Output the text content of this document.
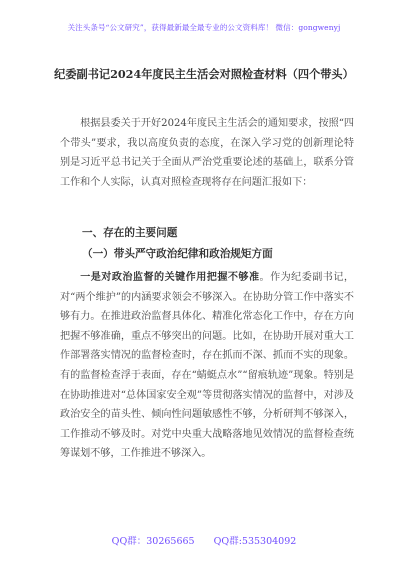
关注头条号“公文研究”，获得最新最全最专业的公文资料库！ 微信：gongwenyj
纪委副书记2024年度民主生活会对照检查材料（四个带头）
根据县委关于开好2024年度民主生活会的通知要求，按照“四个带头”要求，我以高度负责的态度，在深入学习党的创新理论特别是习近平总书记关于全面从严治党重要论述的基础上，联系分管工作和个人实际，认真对照检查现将存在问题汇报如下：
一、存在的主要问题
（一）带头严守政治纪律和政治规矩方面
一是对政治监督的关键作用把握不够准。作为纪委副书记，对“两个维护”的内涵要求领会不够深入。在协助分管工作中落实不够有力。在推进政治监督具体化、精准化常态化工作中，存在方向把握不够准确，重点不够突出的问题。比如，在协助开展对重大工作部署落实情况的监督检查时，存在抓而不深、抓而不实的现象。有的监督检查浮于表面，存在“蜻蜓点水”“留痕轨迹”现象。特别是在协助推进对“总体国家安全观”等贯彻落实情况的监督中，对涉及政治安全的苗头性、倾向性问题敏感性不够，分析研判不够深入，工作推动不够及时。对党中央重大战略落地见效情况的监督检查统筹谋划不够，工作推进不够深入。
QQ群：30265665 QQ群:535304092
